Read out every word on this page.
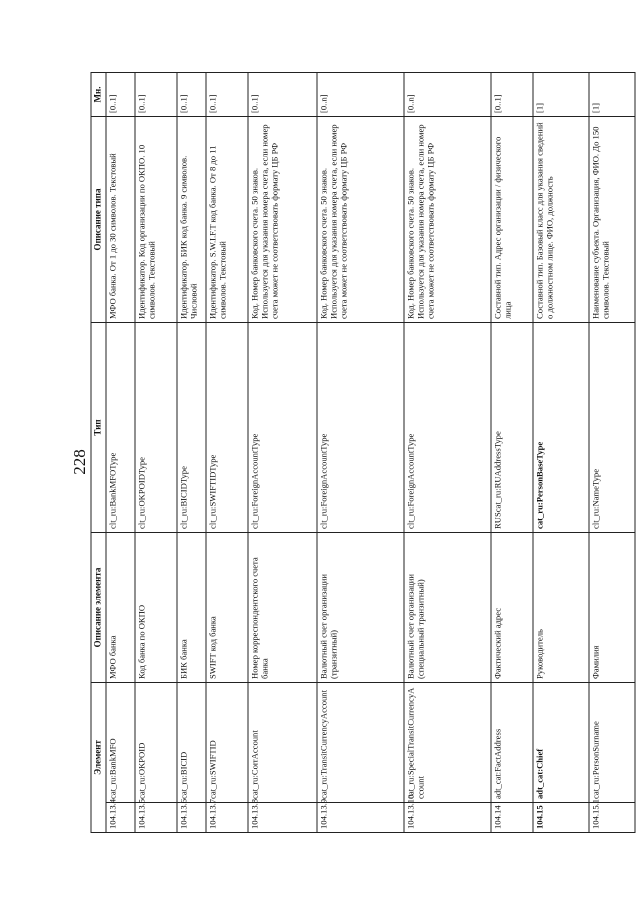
228
Элемент		Описание элемента	Тип	Описание типа	Мн.
104.13.4	cat_ru:BankMFO	МФО банка	clt_ru:BankMFOType	МФО банка. От 1 до 30 символов. Текстовый	[0..1]
104.13.5	cat_ru:OKPOID	Код банка по ОКПО	clt_ru:OKPOIDType	Идентификатор. Код организации по ОКПО. 10 символов. Текстовый	[0..1]
104.13.6	cat_ru:BICID	БИК банка	clt_ru:BICIDType	Идентификатор. БИК код банка. 9 символов. Числовой	[0..1]
104.13.7	cat_ru:SWIFTID	SWIFT код банка	clt_ru:SWIFTIDType	Идентификатор. S.W.I.F.T код банка. От 8 до 11 символов. Текстовый	[0..1]
104.13.8	cat_ru:CorrAccount	Номер корреспондентского счета банка	clt_ru:ForeignAccountType	Код. Номер банковского счета. 50 знаков. Используется для указания номера счета, если номер счета может не соответствовать формату ЦБ РФ	[0..1]
104.13.9	cat_ru:TransitCurrencyAccount	Валютный счет организации (транзитный)	clt_ru:ForeignAccountType	Код. Номер банковского счета. 50 знаков. Используется для указания номера счета, если номер счета может не соответствовать формату ЦБ РФ	[0..n]
104.13.10	cat_ru:SpecialTransitCurrencyAccount	Валютный счет организации (специальный транзитный)	clt_ru:ForeignAccountType	Код. Номер банковского счета. 50 знаков. Используется для указания номера счета, если номер счета может не соответствовать формату ЦБ РФ	[0..n]
104.14	adt_cat:FactAddress	Фактический адрес	RUScat_ru:RUAddressType	Составной тип. Адрес организации / физического лица	[0..1]
104.15	adt_cat:Chief	Руководитель	cat_ru:PersonBaseType	Составной тип. Базовый класс для указания сведений о должностном лице. ФИО, должность	[1]
104.15.1	cat_ru:PersonSurname	Фамилия	clt_ru:NameType	Наименование субъекта. Организация, ФИО. До 150 символов. Текстовый	[1]
